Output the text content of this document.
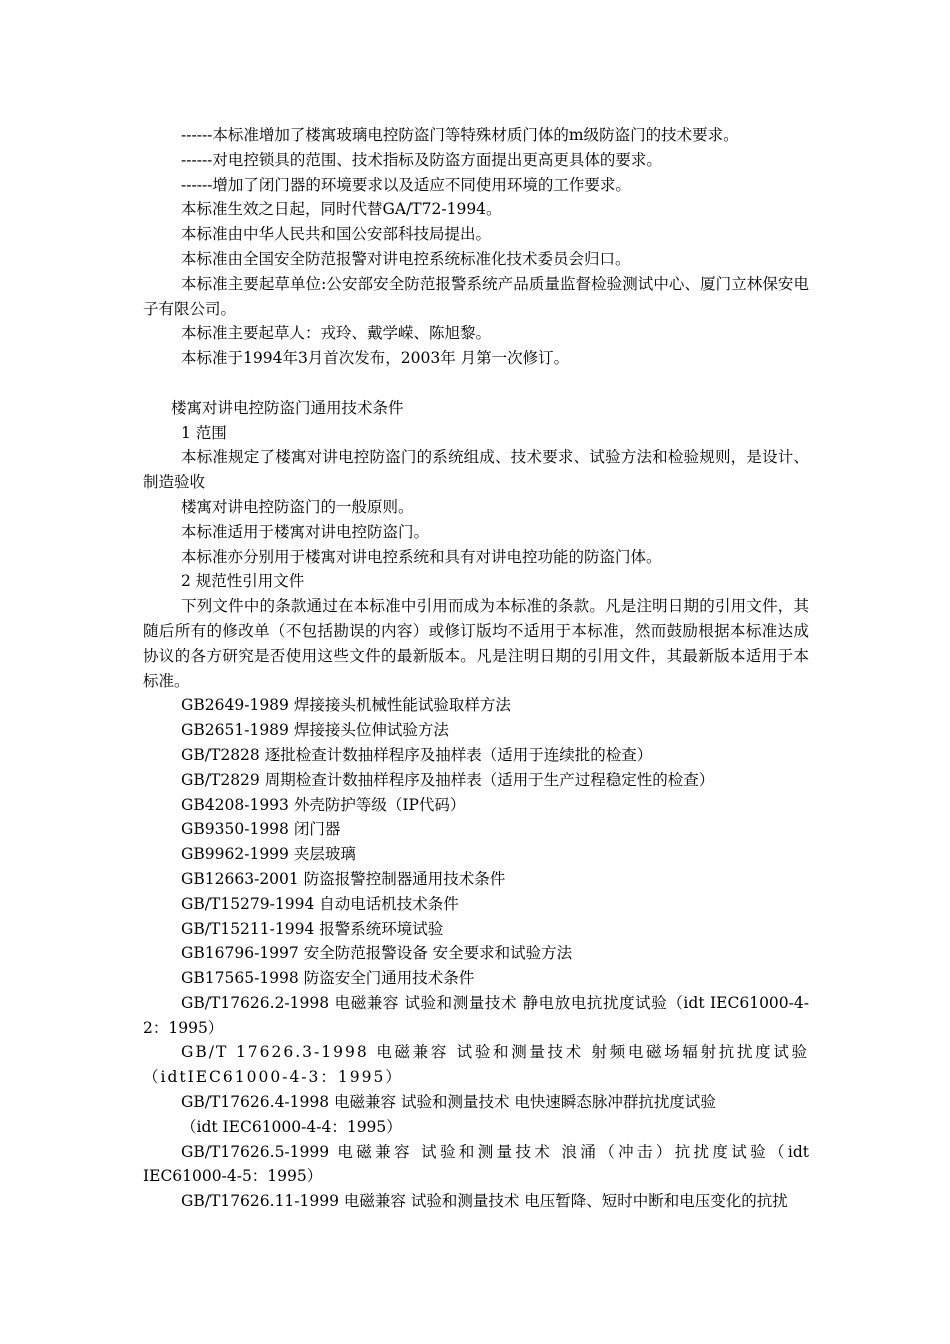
------本标准增加了楼寓玻璃电控防盗门等特殊材质门体的m级防盗门的技术要求。

------对电控锁具的范围、技术指标及防盗方面提出更高更具体的要求。

------增加了闭门器的环境要求以及适应不同使用环境的工作要求。

本标准生效之日起，同时代替GA/T72-1994。

本标准由中华人民共和国公安部科技局提出。

本标准由全国安全防范报警对讲电控系统标准化技术委员会归口。

本标准主要起草单位:公安部安全防范报警系统产品质量监督检验测试中心、厦门立林保安电子有限公司。

本标准主要起草人：戎玲、戴学嵘、陈旭黎。

本标准于1994年3月首次发布，2003年 月第一次修订。

楼寓对讲电控防盗门通用技术条件

1 范围

本标准规定了楼寓对讲电控防盗门的系统组成、技术要求、试验方法和检验规则，是设计、制造验收

楼寓对讲电控防盗门的一般原则。

本标准适用于楼寓对讲电控防盗门。

本标准亦分别用于楼寓对讲电控系统和具有对讲电控功能的防盗门体。

2 规范性引用文件

下列文件中的条款通过在本标准中引用而成为本标准的条款。凡是注明日期的引用文件，其随后所有的修改单（不包括勘误的内容）或修订版均不适用于本标准，然而鼓励根据本标准达成协议的各方研究是否使用这些文件的最新版本。凡是注明日期的引用文件，其最新版本适用于本标准。

GB2649-1989 焊接接头机械性能试验取样方法

GB2651-1989 焊接接头位伸试验方法

GB/T2828 逐批检查计数抽样程序及抽样表（适用于连续批的检查）

GB/T2829 周期检查计数抽样程序及抽样表（适用于生产过程稳定性的检查）

GB4208-1993 外壳防护等级（IP代码）

GB9350-1998 闭门器

GB9962-1999 夹层玻璃

GB12663-2001 防盗报警控制器通用技术条件

GB/T15279-1994 自动电话机技术条件

GB/T15211-1994 报警系统环境试验

GB16796-1997 安全防范报警设备 安全要求和试验方法

GB17565-1998 防盗安全门通用技术条件

GB/T17626.2-1998 电磁兼容 试验和测量技术 静电放电抗扰度试验（idt IEC61000-4-2：1995）

GB/T 17626.3-1998 电磁兼容 试验和测量技术 射频电磁场辐射抗扰度试验（idtIEC61000-4-3：1995）

GB/T17626.4-1998 电磁兼容 试验和测量技术 电快速瞬态脉冲群抗扰度试验

（idt IEC61000-4-4：1995）

GB/T17626.5-1999 电磁兼容 试验和测量技术 浪涌（冲击）抗扰度试验（idt IEC61000-4-5：1995）

GB/T17626.11-1999 电磁兼容 试验和测量技术 电压暂降、短时中断和电压变化的抗扰
